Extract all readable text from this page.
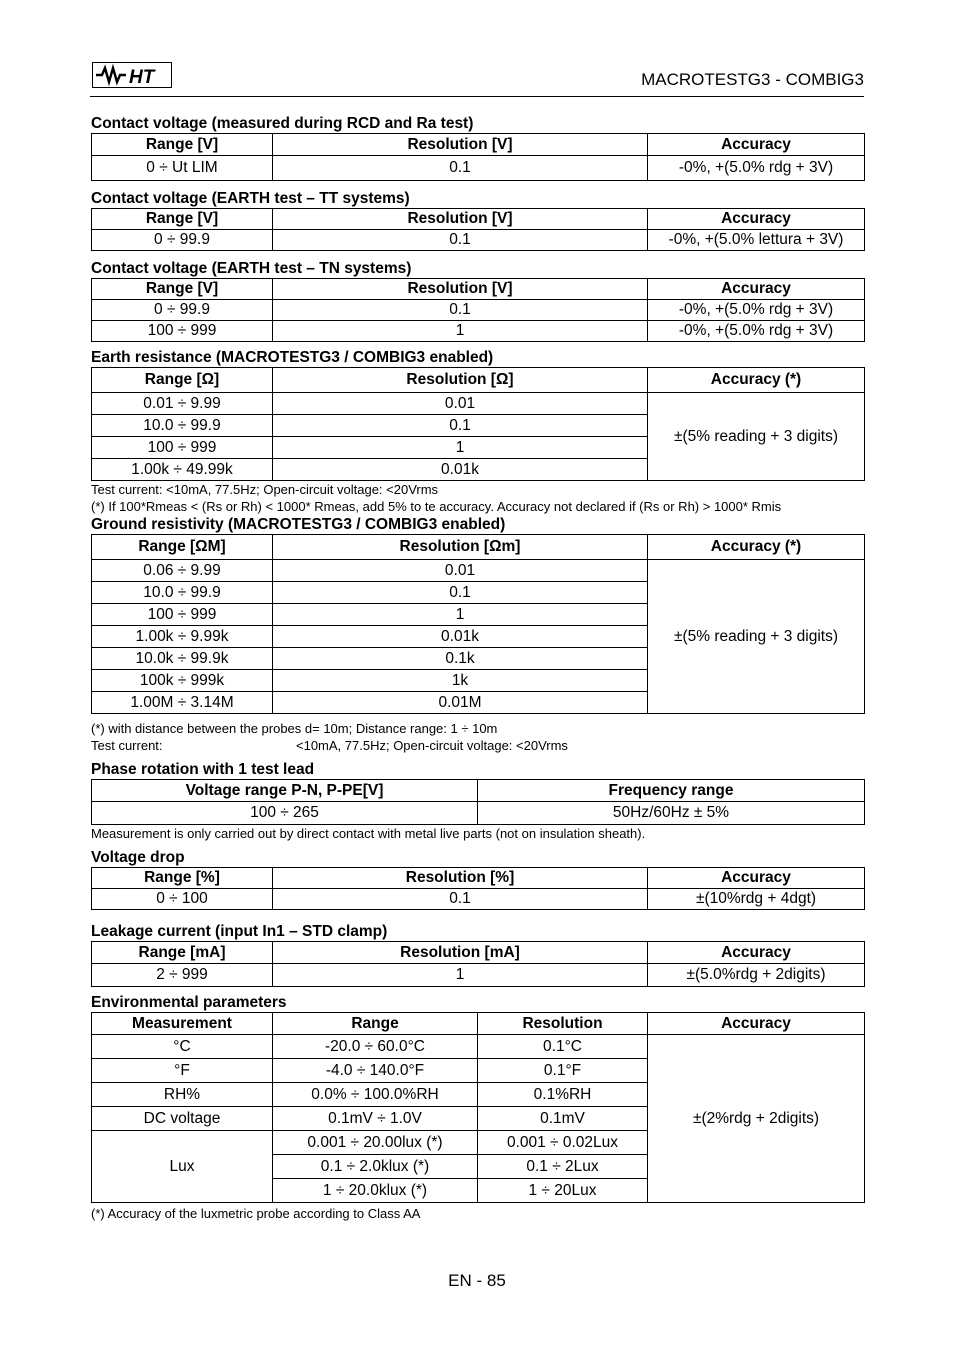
HT	MACROTESTG3 - COMBIG3
Contact voltage (measured during RCD and Ra test)
Range [V]	Resolution [V]	Accuracy
0 ÷ Ut LIM	0.1	-0%, +(5.0% rdg + 3V)
Contact voltage (EARTH test – TT systems)
Range [V]	Resolution [V]	Accuracy
0 ÷ 99.9	0.1	-0%, +(5.0% lettura + 3V)
Contact voltage (EARTH test – TN systems)
Range [V]	Resolution [V]	Accuracy
0 ÷ 99.9	0.1	-0%, +(5.0% rdg + 3V)
100 ÷ 999	1	-0%, +(5.0% rdg + 3V)
Earth resistance (MACROTESTG3 / COMBIG3 enabled)
Range [Ω]	Resolution [Ω]	Accuracy (*)
0.01 ÷ 9.99	0.01	±(5% reading + 3 digits)
10.0 ÷ 99.9	0.1	
100 ÷ 999	1	
1.00k ÷ 49.99k	0.01k	
Test current: <10mA, 77.5Hz; Open-circuit voltage: <20Vrms
(*) If 100*Rmeas < (Rs or Rh) < 1000* Rmeas, add 5% to te accuracy. Accuracy not declared if (Rs or Rh) > 1000* Rmis
Ground resistivity (MACROTESTG3 / COMBIG3 enabled)
Range [ΩM]	Resolution [Ωm]	Accuracy (*)
0.06 ÷ 9.99	0.01	±(5% reading + 3 digits)
10.0 ÷ 99.9	0.1	
100 ÷ 999	1	
1.00k ÷ 9.99k	0.01k	
10.0k ÷ 99.9k	0.1k	
100k ÷ 999k	1k	
1.00M ÷ 3.14M	0.01M	
(*) with distance between the probes d= 10m; Distance range: 1 ÷ 10m
Test current:	<10mA, 77.5Hz; Open-circuit voltage: <20Vrms
Phase rotation with 1 test lead
Voltage range P-N, P-PE[V]	Frequency range
100 ÷ 265	50Hz/60Hz ± 5%
Measurement is only carried out by direct contact with metal live parts (not on insulation sheath).
Voltage drop
Range [%]	Resolution [%]	Accuracy
0 ÷ 100	0.1	±(10%rdg + 4dgt)
Leakage current (input In1 – STD clamp)
Range [mA]	Resolution [mA]	Accuracy
2 ÷ 999	1	±(5.0%rdg + 2digits)
Environmental parameters
Measurement	Range	Resolution	Accuracy
°C	-20.0 ÷ 60.0°C	0.1°C	±(2%rdg + 2digits)
°F	-4.0 ÷ 140.0°F	0.1°F	
RH%	0.0% ÷ 100.0%RH	0.1%RH	
DC voltage	0.1mV ÷ 1.0V	0.1mV	
Lux	0.001 ÷ 20.00lux (*)	0.001 ÷ 0.02Lux	
	0.1 ÷ 2.0klux (*)	0.1 ÷ 2Lux	
	1 ÷ 20.0klux (*)	1 ÷ 20Lux	
(*) Accuracy of the luxmetric probe according to Class AA
EN - 85
